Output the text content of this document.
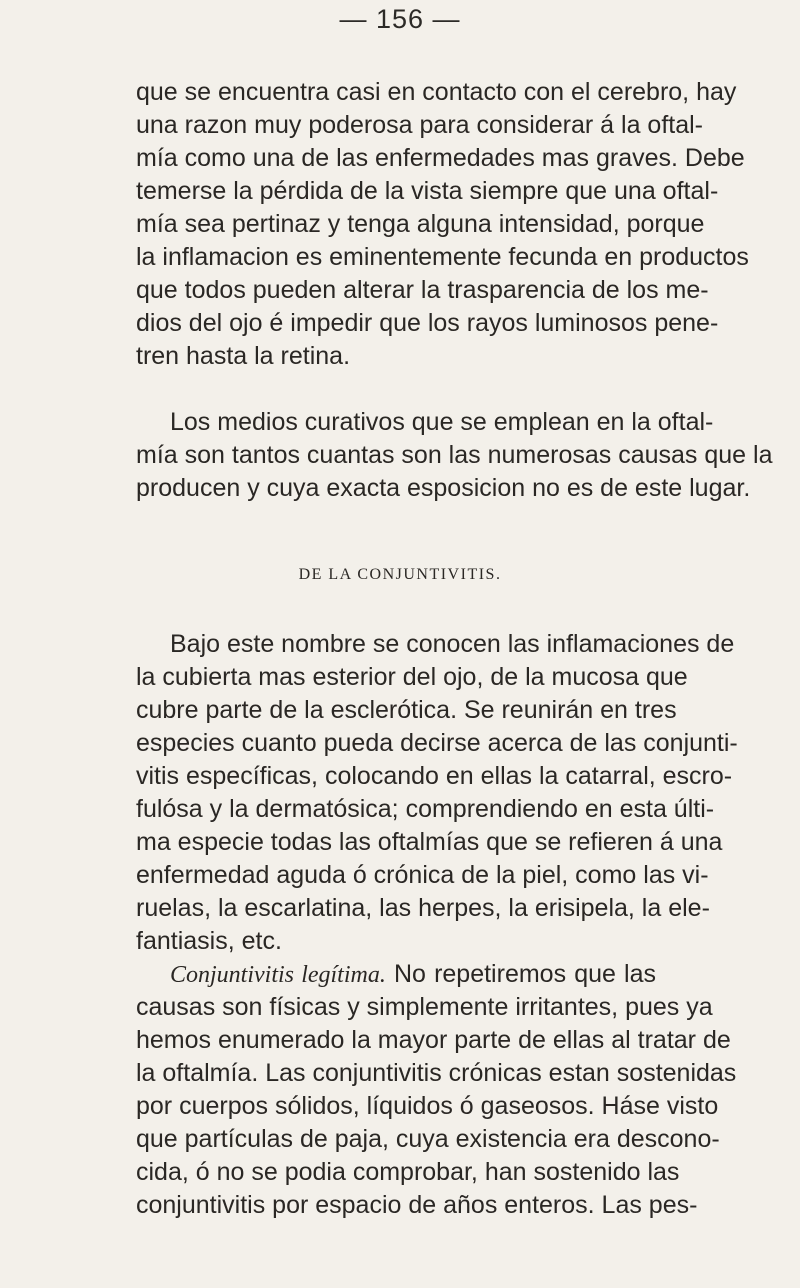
— 156 —
que se encuentra casi en contacto con el cerebro, hay
una razon muy poderosa para considerar á la oftal-
mía como una de las enfermedades mas graves. Debe
temerse la pérdida de la vista siempre que una oftal-
mía sea pertinaz y tenga alguna intensidad, porque
la inflamacion es eminentemente fecunda en productos
que todos pueden alterar la trasparencia de los me-
dios del ojo é impedir que los rayos luminosos pene-
tren hasta la retina.
Los medios curativos que se emplean en la oftal-
mía son tantos cuantas son las numerosas causas que la
producen y cuya exacta esposicion no es de este lugar.
DE LA CONJUNTIVITIS.
Bajo este nombre se conocen las inflamaciones de
la cubierta mas esterior del ojo, de la mucosa que
cubre parte de la esclerótica. Se reunirán en tres
especies cuanto pueda decirse acerca de las conjunti-
vitis específicas, colocando en ellas la catarral, escro-
fulósa y la dermatósica; comprendiendo en esta últi-
ma especie todas las oftalmías que se refieren á una
enfermedad aguda ó crónica de la piel, como las vi-
ruelas, la escarlatina, las herpes, la erisipela, la ele-
fantiasis, etc.
Conjuntivitis legítima. No repetiremos que las
causas son físicas y simplemente irritantes, pues ya
hemos enumerado la mayor parte de ellas al tratar de
la oftalmía. Las conjuntivitis crónicas estan sostenidas
por cuerpos sólidos, líquidos ó gaseosos. Háse visto
que partículas de paja, cuya existencia era descono-
cida, ó no se podia comprobar, han sostenido las
conjuntivitis por espacio de años enteros. Las pes-
